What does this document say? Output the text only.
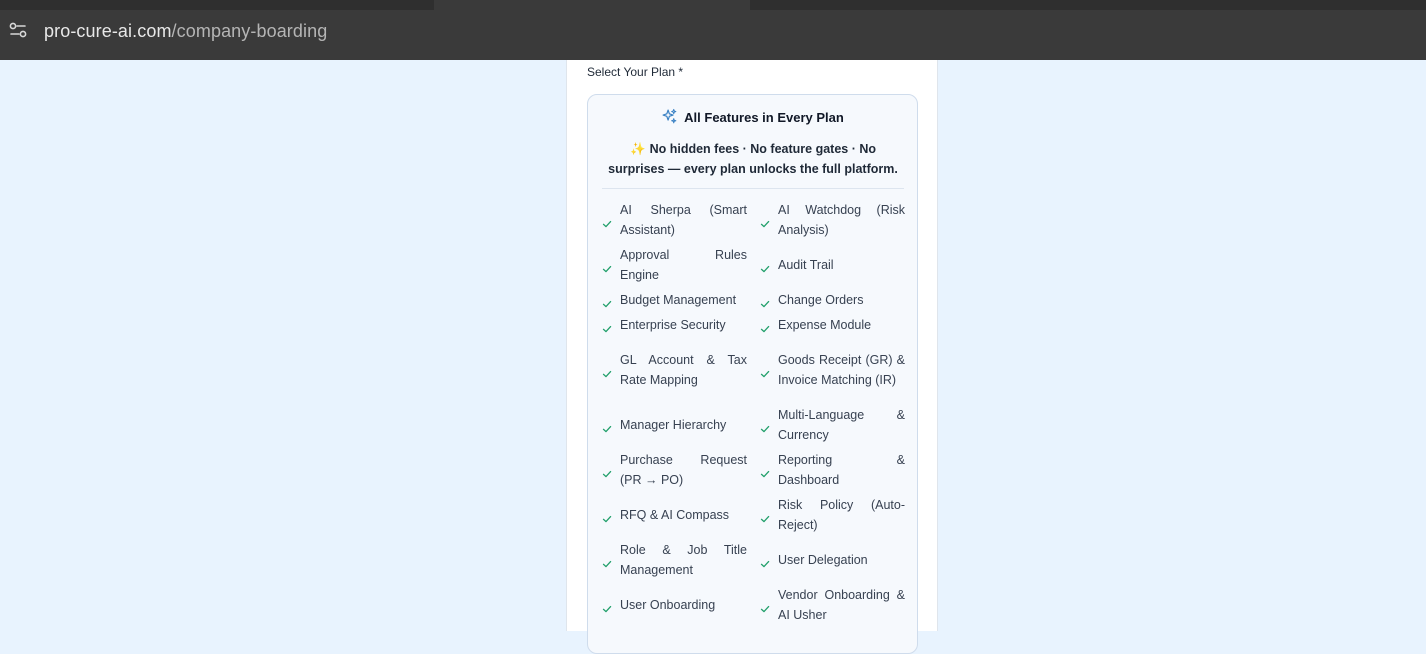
pro-cure-ai.com/company-boarding
Select Your Plan *
All Features in Every Plan
✨ No hidden fees · No feature gates · No surprises — every plan unlocks the full platform.
AI Sherpa (Smart Assistant)
Approval Rules Engine
Budget Management
Enterprise Security
GL Account & Tax Rate Mapping
Manager Hierarchy
Purchase Request (PR → PO)
RFQ & AI Compass
Role & Job Title Management
User Onboarding
AI Watchdog (Risk Analysis)
Audit Trail
Change Orders
Expense Module
Goods Receipt (GR) & Invoice Matching (IR)
Multi-Language & Currency
Reporting & Dashboard
Risk Policy (Auto-Reject)
User Delegation
Vendor Onboarding & AI Usher
